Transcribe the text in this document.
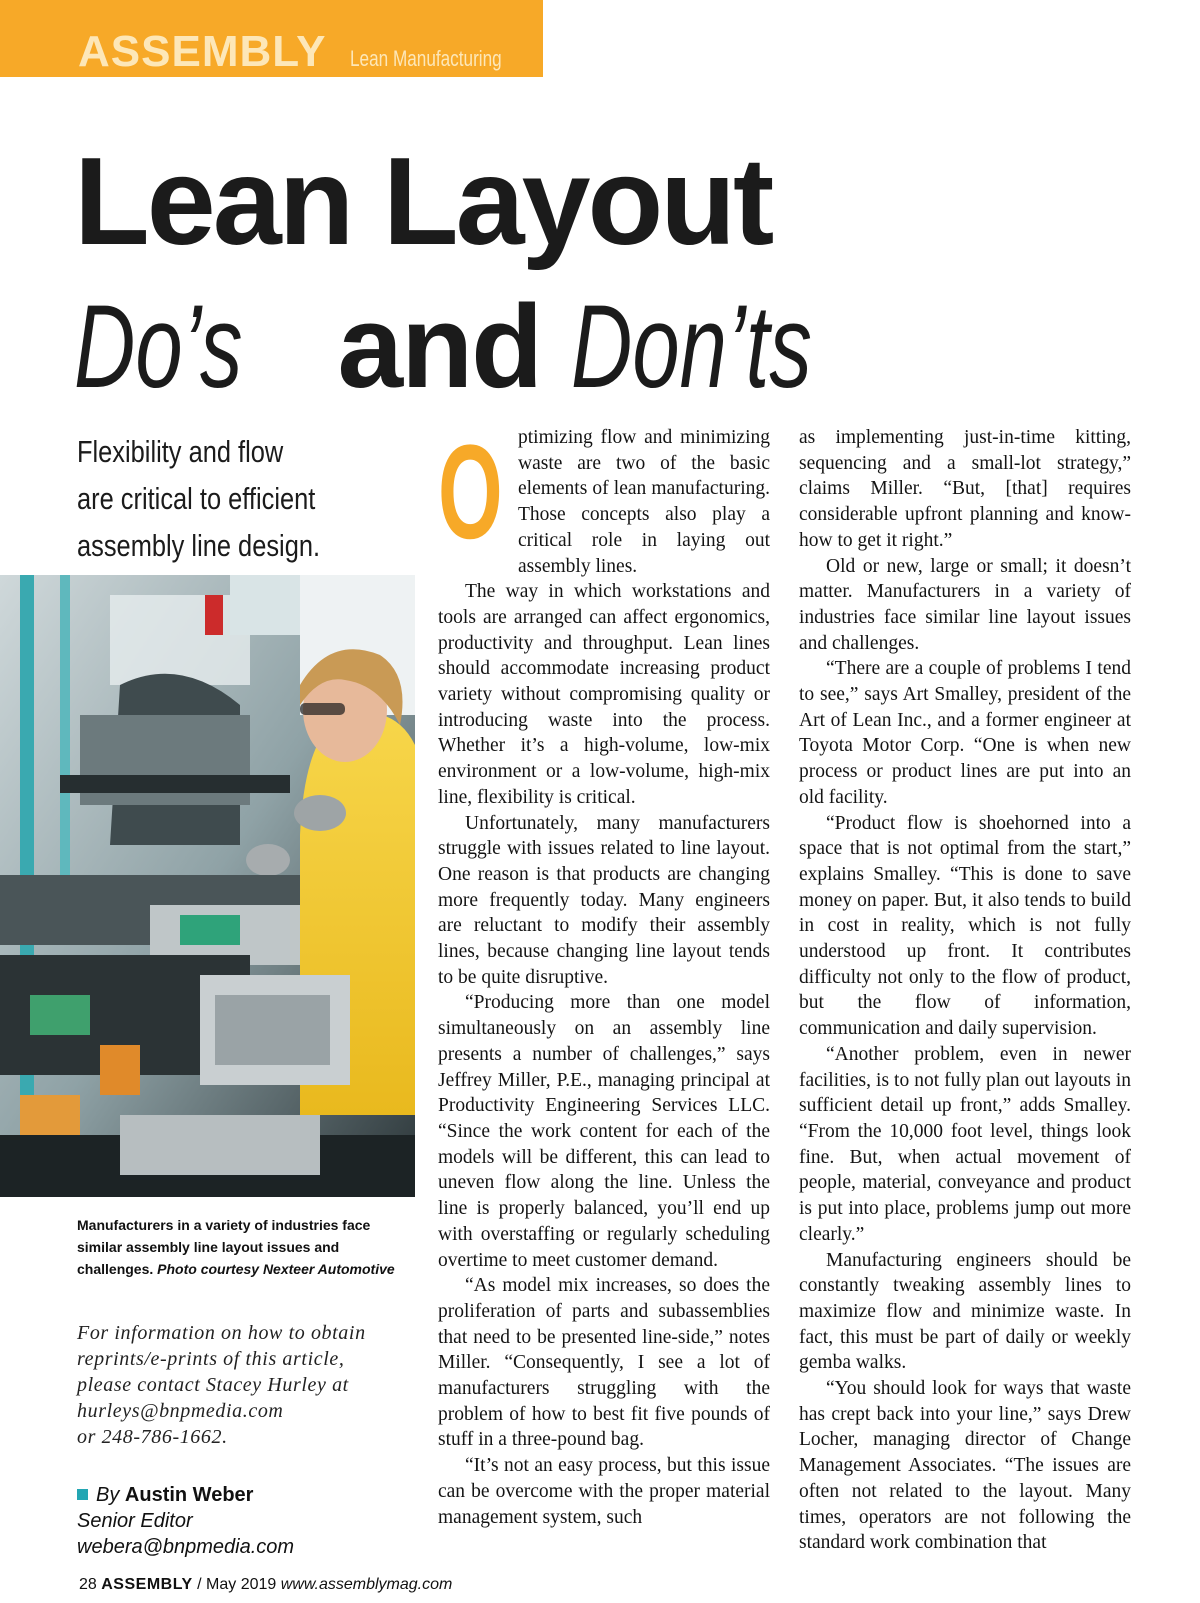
ASSEMBLY Lean Manufacturing
Lean Layout
Do’s and Don’ts
Flexibility and flow
are critical to efficient
assembly line design.
Manufacturers in a variety of industries face similar assembly line layout issues and challenges. Photo courtesy Nexteer Automotive
For information on how to obtain
reprints/e-prints of this article,
please contact Stacey Hurley at
hurleys@bnpmedia.com
or 248-786-1662.
By Austin Weber
Senior Editor
webera@bnpmedia.com

Optimizing flow and minimizing waste are two of the basic elements of lean manufacturing. Those concepts also play a critical role in laying out assembly lines.

The way in which workstations and tools are arranged can affect ergonomics, productivity and throughput. Lean lines should accommodate increasing product variety without compromising quality or introducing waste into the process. Whether it’s a high-volume, low-mix environment or a low-volume, high-mix line, flexibility is critical.

Unfortunately, many manufacturers struggle with issues related to line layout. One reason is that products are changing more frequently today. Many engineers are reluctant to modify their assembly lines, because changing line layout tends to be quite disruptive.

“Producing more than one model simultaneously on an assembly line presents a number of challenges,” says Jeffrey Miller, P.E., managing principal at Productivity Engineering Services LLC. “Since the work content for each of the models will be different, this can lead to uneven flow along the line. Unless the line is properly balanced, you’ll end up with overstaffing or regularly scheduling overtime to meet customer demand.

“As model mix increases, so does the proliferation of parts and subassemblies that need to be presented line-side,” notes Miller. “Consequently, I see a lot of manufacturers struggling with the problem of how to best fit five pounds of stuff in a three-pound bag.

“It’s not an easy process, but this issue can be overcome with the proper material management system, such

as implementing just-in-time kitting, sequencing and a small-lot strategy,” claims Miller. “But, [that] requires considerable upfront planning and know-how to get it right.”

Old or new, large or small; it doesn’t matter. Manufacturers in a variety of industries face similar line layout issues and challenges.

“There are a couple of problems I tend to see,” says Art Smalley, president of the Art of Lean Inc., and a former engineer at Toyota Motor Corp. “One is when new process or product lines are put into an old facility.

“Product flow is shoehorned into a space that is not optimal from the start,” explains Smalley. “This is done to save money on paper. But, it also tends to build in cost in reality, which is not fully understood up front. It contributes difficulty not only to the flow of product, but the flow of information, communication and daily supervision.

“Another problem, even in newer facilities, is to not fully plan out layouts in sufficient detail up front,” adds Smalley. “From the 10,000 foot level, things look fine. But, when actual movement of people, material, conveyance and product is put into place, problems jump out more clearly.”

Manufacturing engineers should be constantly tweaking assembly lines to maximize flow and minimize waste. In fact, this must be part of daily or weekly gemba walks.

“You should look for ways that waste has crept back into your line,” says Drew Locher, managing director of Change Management Associates. “The issues are often not related to the layout. Many times, operators are not following the standard work combination that

28 ASSEMBLY / May 2019 www.assemblymag.com
